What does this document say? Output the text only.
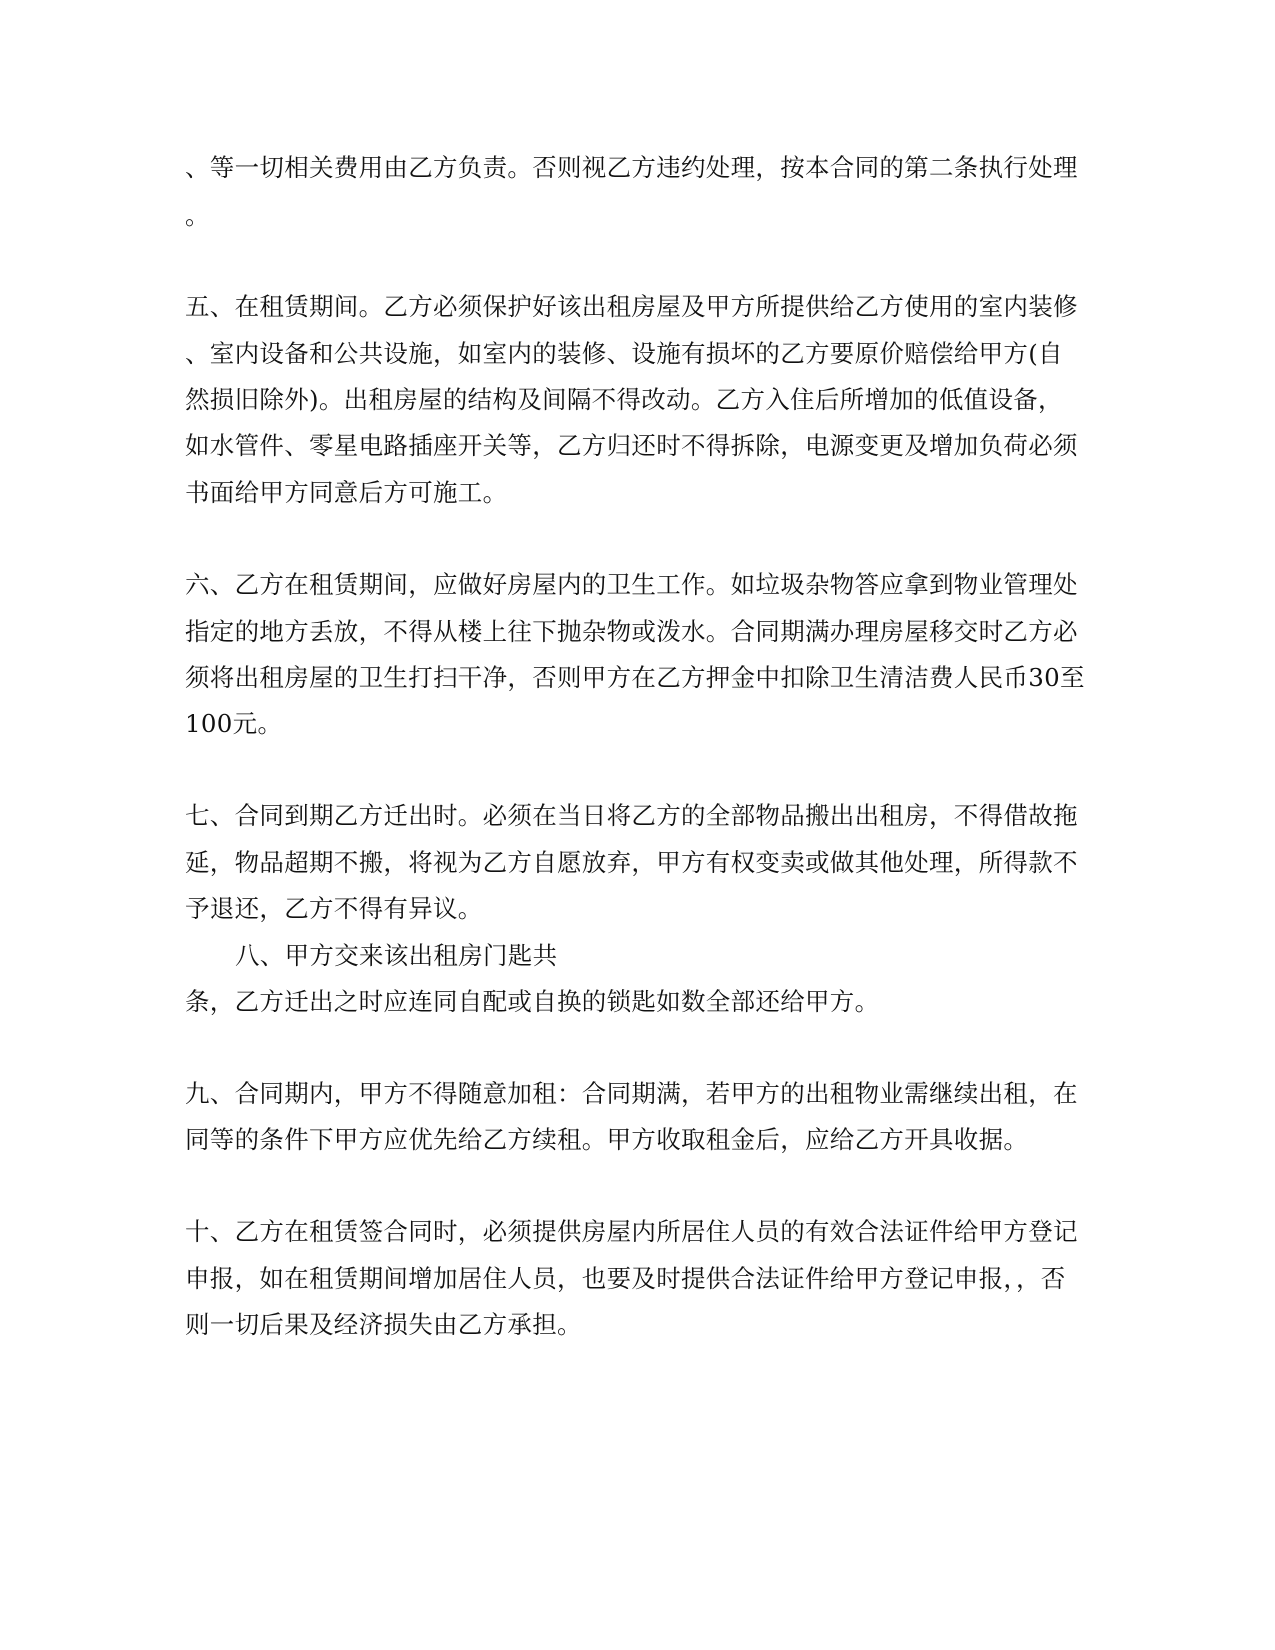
、等一切相关费用由乙方负责。否则视乙方违约处理，按本合同的第二条执行处理
。
五、在租赁期间。乙方必须保护好该出租房屋及甲方所提供给乙方使用的室内装修
、室内设备和公共设施，如室内的装修、设施有损坏的乙方要原价赔偿给甲方(自
然损旧除外)。出租房屋的结构及间隔不得改动。乙方入住后所增加的低值设备，
如水管件、零星电路插座开关等，乙方归还时不得拆除，电源变更及增加负荷必须
书面给甲方同意后方可施工。
六、乙方在租赁期间，应做好房屋内的卫生工作。如垃圾杂物答应拿到物业管理处
指定的地方丢放，不得从楼上往下抛杂物或泼水。合同期满办理房屋移交时乙方必
须将出租房屋的卫生打扫干净，否则甲方在乙方押金中扣除卫生清洁费人民币30至
100元。
七、合同到期乙方迁出时。必须在当日将乙方的全部物品搬出出租房，不得借故拖
延，物品超期不搬，将视为乙方自愿放弃，甲方有权变卖或做其他处理，所得款不
予退还，乙方不得有异议。
八、甲方交来该出租房门匙共
条，乙方迁出之时应连同自配或自换的锁匙如数全部还给甲方。
九、合同期内，甲方不得随意加租：合同期满，若甲方的出租物业需继续出租，在
同等的条件下甲方应优先给乙方续租。甲方收取租金后，应给乙方开具收据。
十、乙方在租赁签合同时，必须提供房屋内所居住人员的有效合法证件给甲方登记
申报，如在租赁期间增加居住人员，也要及时提供合法证件给甲方登记申报，，否
则一切后果及经济损失由乙方承担。
